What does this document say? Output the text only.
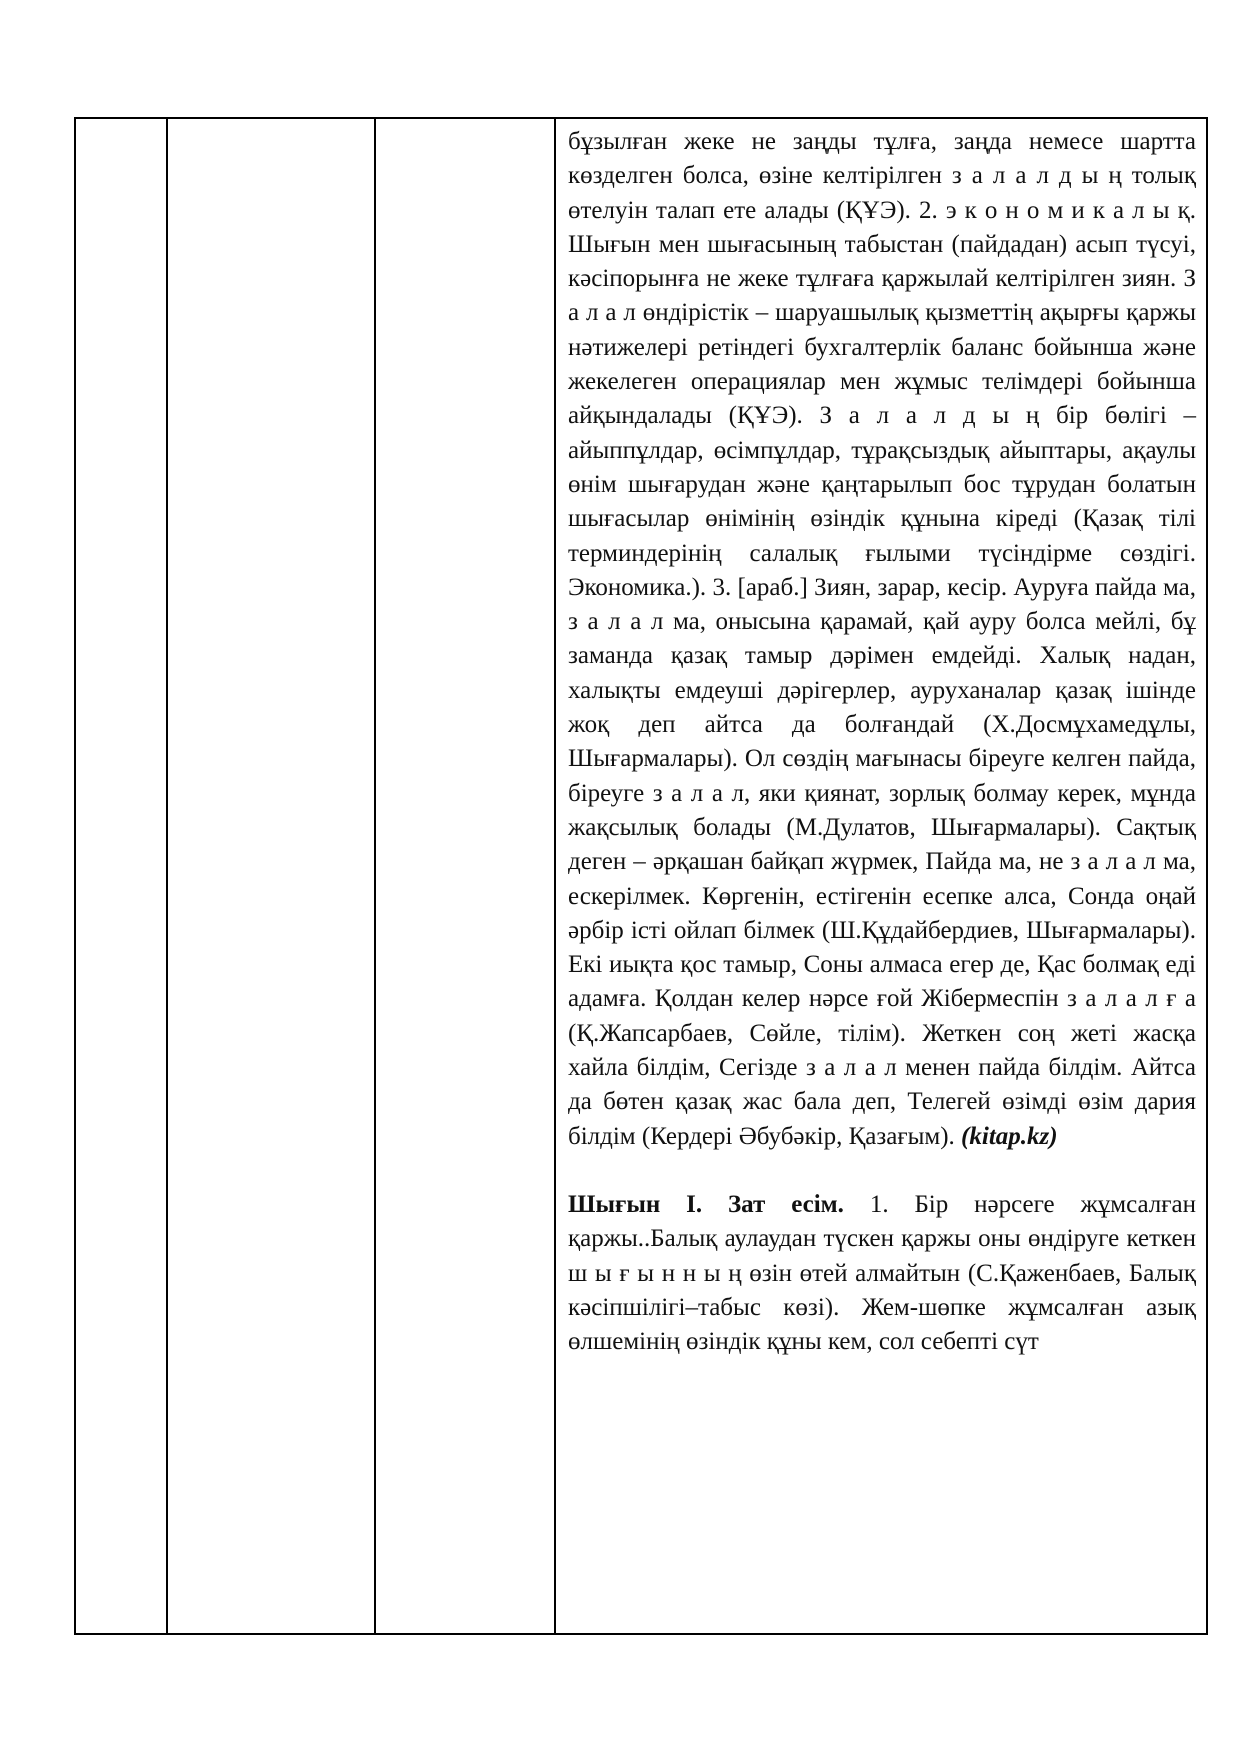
бұзылған жеке не заңды тұлға, заңда немесе шартта көзделген болса, өзіне келтірілген з а л а л д ы ң толық өтелуін талап ете алады (ҚҰЭ). 2. э к о н о м и к а л ы қ. Шығын мен шығасының табыстан (пайдадан) асып түсуі, кәсіпорынға не жеке тұлғаға қаржылай келтірілген зиян. З а л а л өндірістік – шаруашылық қызметтің ақырғы қаржы нәтижелері ретіндегі бухгалтерлік баланс бойынша және жекелеген операциялар мен жұмыс телімдері бойынша айқындалады (ҚҰЭ). З а л а л д ы ң бір бөлігі – айыппұлдар, өсімпұлдар, тұрақсыздық айыптары, ақаулы өнім шығарудан және қаңтарылып бос тұрудан болатын шығасылар өнімінің өзіндік құнына кіреді (Қазақ тілі терминдерінің салалық ғылыми түсіндірме сөздігі. Экономика.). 3. [араб.] Зиян, зарар, кесір. Ауруға пайда ма, з а л а л ма, онысына қарамай, қай ауру болса мейлі, бұ заманда қазақ тамыр дәрімен емдейді. Халық надан, халықты емдеуші дәрігерлер, ауруханалар қазақ ішінде жоқ деп айтса да болғандай (Х.Досмұхамедұлы, Шығармалары). Ол сөздің мағынасы біреуге келген пайда, біреуге з а л а л, яки қиянат, зорлық болмау керек, мұнда жақсылық болады (М.Дулатов, Шығармалары). Сақтық деген – әрқашан байқап жүрмек, Пайда ма, не з а л а л ма, ескерілмек. Көргенін, естігенін есепке алса, Сонда оңай әрбір істі ойлап білмек (Ш.Құдайбердиев, Шығармалары). Екі иықта қос тамыр, Соны алмаса егер де, Қас болмақ еді адамға. Қолдан келер нәрсе ғой Жібермеспін з а л а л ғ а (Қ.Жапсарбаев, Сөйле, тілім). Жеткен соң жеті жасқа хайла білдім, Сегізде з а л а л менен пайда білдім. Айтса да бөтен қазақ жас бала деп, Телегей өзімді өзім дария білдім (Кердері Әбубәкір, Қазағым). (kitap.kz)

Шығын І. Зат есім. 1. Бір нәрсеге жұмсалған қаржы..Балық аулаудан түскен қаржы оны өндіруге кеткен ш ы ғ ы н н ы ң өзін өтей алмайтын (С.Қаженбаев, Балық кәсіпшілігі–табыс көзі). Жем-шөпке жұмсалған азық өлшемінің өзіндік құны кем, сол себепті сүт
